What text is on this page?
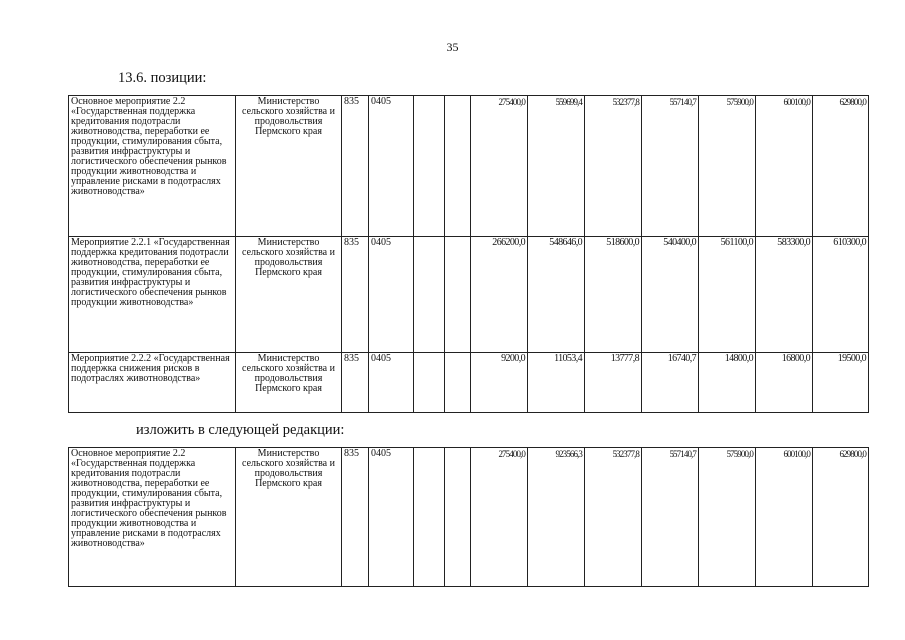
35
13.6. позиции:
Основное мероприятие 2.2 «Государственная поддержка кредитования подотрасли животноводства, переработки ее продукции, стимулирования сбыта, развития инфраструктуры и логистического обеспечения рынков продукции животноводства и управление рисками в подотраслях животноводства»	Министерство сельского хозяйства и продовольствия Пермского края	835	0405			275400,0	559699,4	532377,8	557140,7	575900,0	600100,0	629800,0
Мероприятие 2.2.1 «Государственная поддержка кредитования подотрасли животноводства, переработки ее продукции, стимулирования сбыта, развития инфраструктуры и логистического обеспечения рынков продукции животноводства»	Министерство сельского хозяйства и продовольствия Пермского края	835	0405			266200,0	548646,0	518600,0	540400,0	561100,0	583300,0	610300,0
Мероприятие 2.2.2 «Государственная поддержка снижения рисков в подотраслях животноводства»	Министерство сельского хозяйства и продовольствия Пермского края	835	0405			9200,0	11053,4	13777,8	16740,7	14800,0	16800,0	19500,0
изложить в следующей редакции:
Основное мероприятие 2.2 «Государственная поддержка кредитования подотрасли животноводства, переработки ее продукции, стимулирования сбыта, развития инфраструктуры и логистического обеспечения рынков продукции животноводства и управление рисками в подотраслях животноводства»	Министерство сельского хозяйства и продовольствия Пермского края	835	0405			275400,0	923566,3	532377,8	557140,7	575900,0	600100,0	629800,0
